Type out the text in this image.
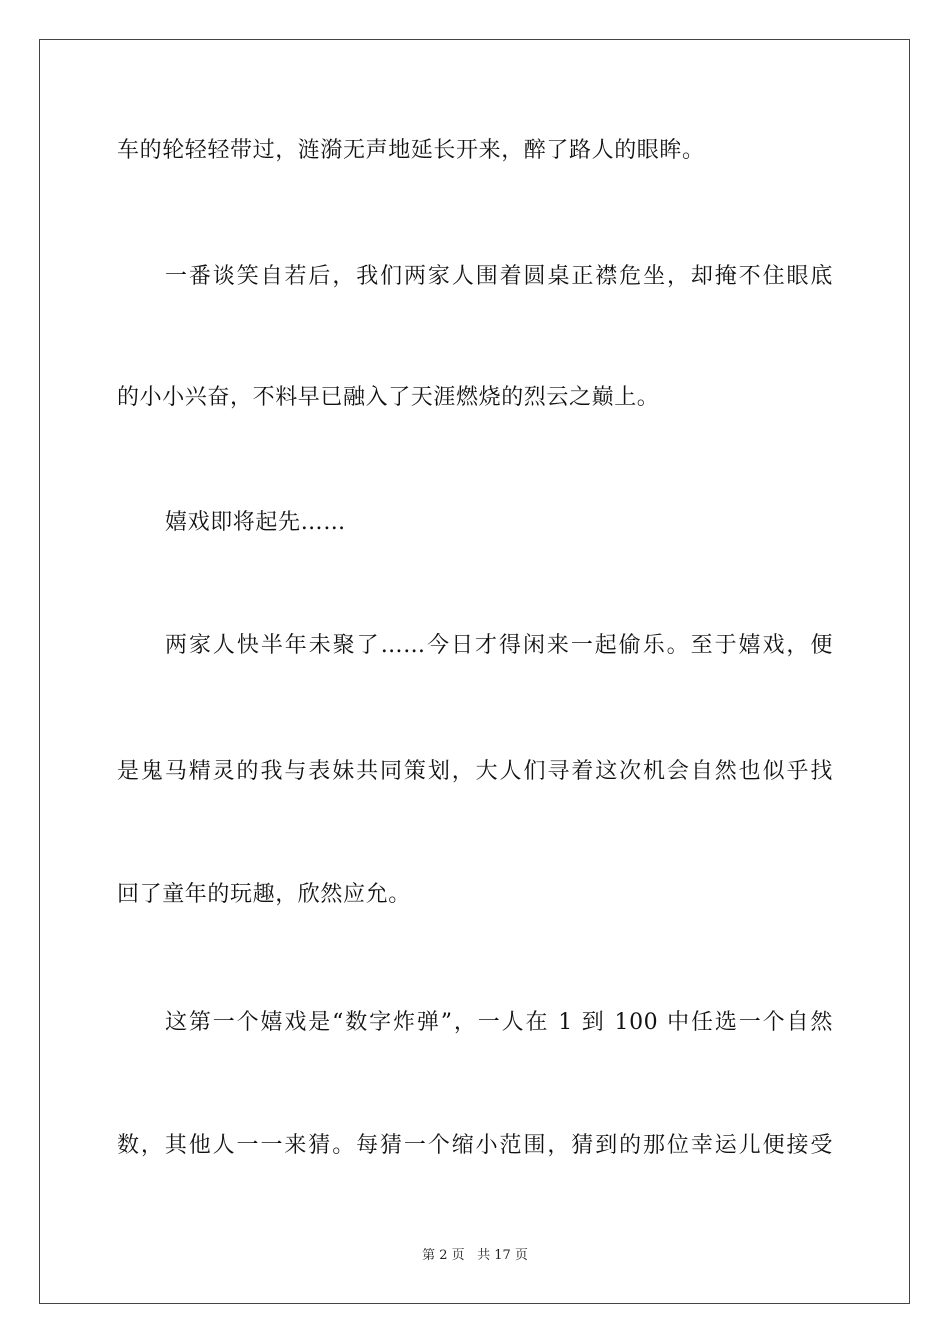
车的轮轻轻带过，涟漪无声地延长开来，醉了路人的眼眸。
一番谈笑自若后，我们两家人围着圆桌正襟危坐，却掩不住眼底
的小小兴奋，不料早已融入了天涯燃烧的烈云之巅上。
嬉戏即将起先……
两家人快半年未聚了……今日才得闲来一起偷乐。至于嬉戏，便
是鬼马精灵的我与表妹共同策划，大人们寻着这次机会自然也似乎找
回了童年的玩趣，欣然应允。
这第一个嬉戏是“数字炸弹”，一人在 1 到 100 中任选一个自然
数，其他人一一来猜。每猜一个缩小范围，猜到的那位幸运儿便接受
第 2 页 共 17 页
